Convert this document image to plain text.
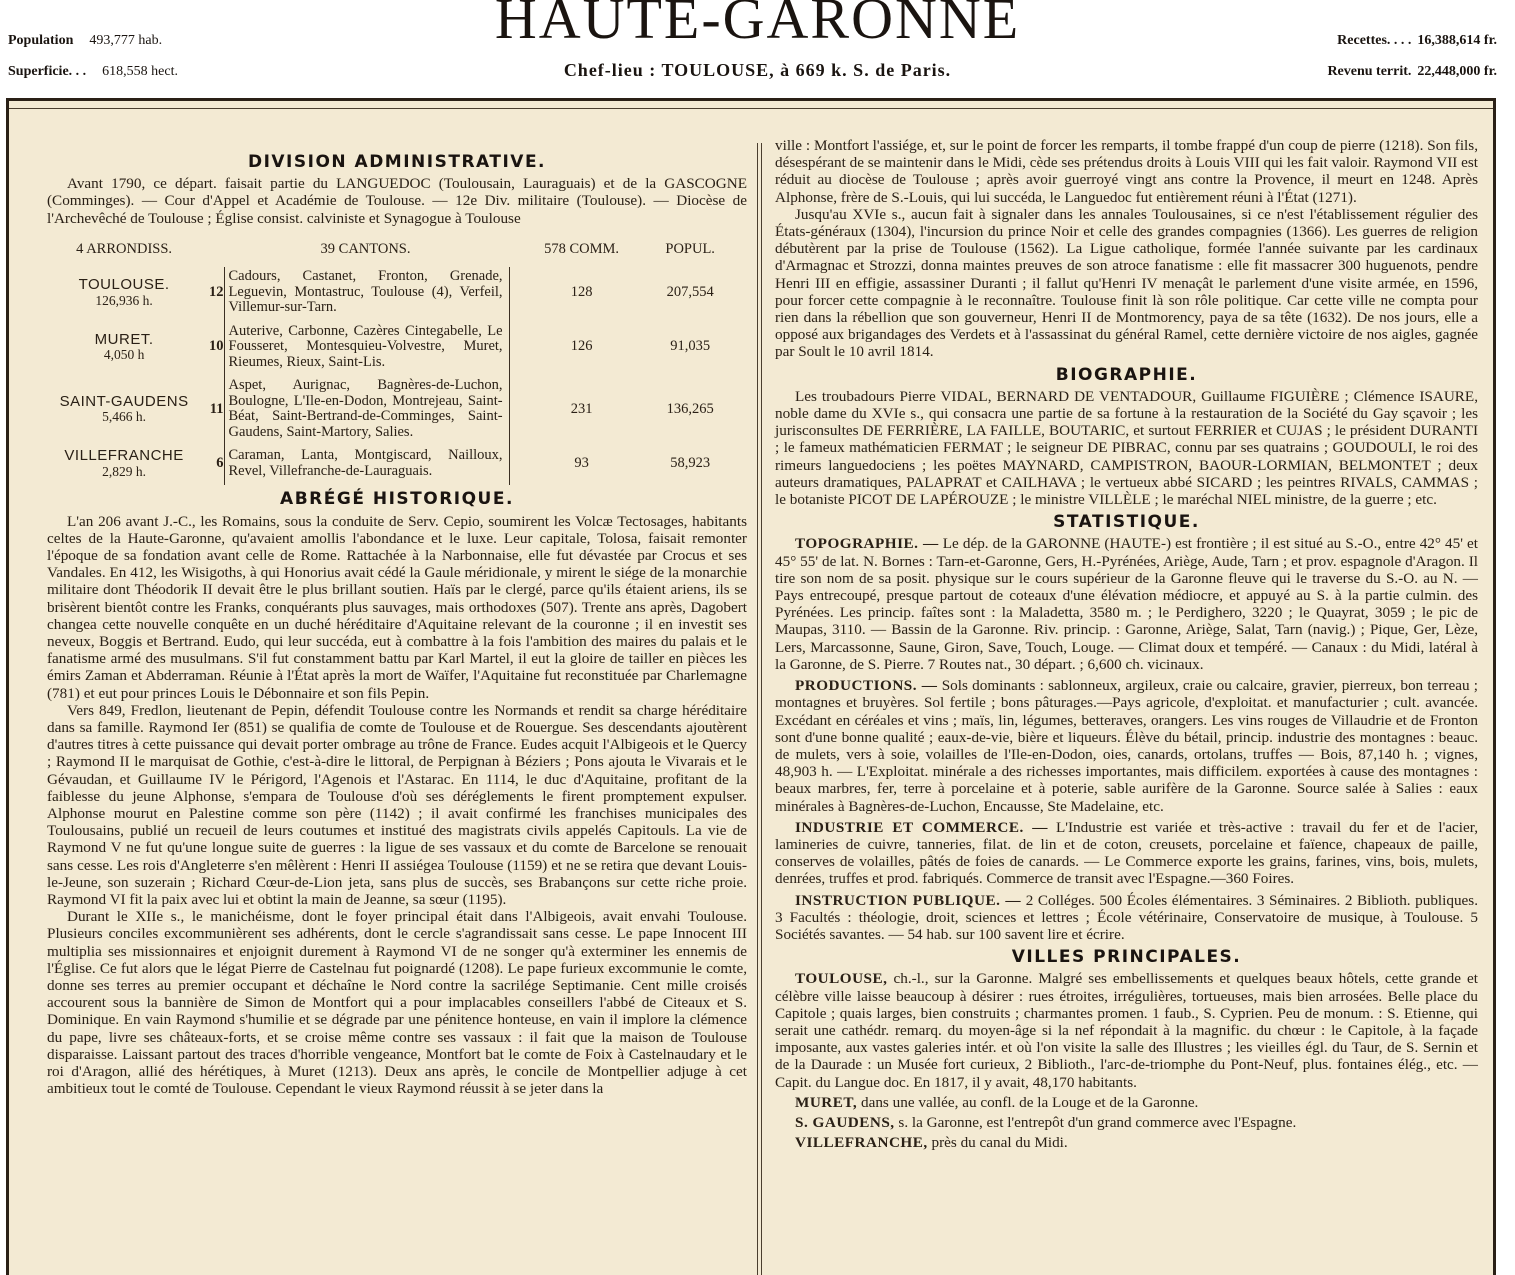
Population 493,777 hab.
Superficie. . . 618,558 hect.
HAUTE-GARONNE
Chef-lieu : TOULOUSE, à 669 k. S. de Paris.
Recettes. . . . 16,388,614 fr.
Revenu territ. 22,448,000 fr.
DIVISION ADMINISTRATIVE.

Avant 1790, ce départ. faisait partie du LANGUEDOC (Toulousain, Lauraguais) et de la GASCOGNE (Comminges). — Cour d'Appel et Académie de Toulouse. — 12e Div. militaire (Toulouse). — Diocèse de l'Archevêché de Toulouse ; Église consist. calviniste et Synagogue à Toulouse

4 ARRONDISS.	39 CANTONS.			578 COMM.	POPUL.

TOULOUSE.
126,936 h.	12	Cadours, Castanet, Fronton, Grenade, Leguevin, Montastruc, Toulouse (4), Verfeil, Villemur-sur-Tarn.		128	207,554

MURET.
4,050 h	10	Auterive, Carbonne, Cazères Cintegabelle, Le Fousseret, Montesquieu-Volvestre, Muret, Rieumes, Rieux, Saint-Lis.		126	91,035

SAINT-GAUDENS
5,466 h.	11	Aspet, Aurignac, Bagnères-de-Luchon, Boulogne, L'Ile-en-Dodon, Montrejeau, Saint-Béat, Saint-Bertrand-de-Comminges, Saint-Gaudens, Saint-Martory, Salies.		231	136,265

VILLEFRANCHE
2,829 h.	6	Caraman, Lanta, Montgiscard, Nailloux, Revel, Villefranche-de-Lauraguais.		93	58,923
ABRÉGÉ HISTORIQUE.

L'an 206 avant J.-C., les Romains, sous la conduite de Serv. Cepio, soumirent les Volcæ Tectosages, habitants celtes de la Haute-Garonne, qu'avaient amollis l'abondance et le luxe. Leur capitale, Tolosa, faisait remonter l'époque de sa fondation avant celle de Rome. Rattachée à la Narbonnaise, elle fut dévastée par Crocus et ses Vandales. En 412, les Wisigoths, à qui Honorius avait cédé la Gaule méridionale, y mirent le siége de la monarchie militaire dont Théodorik II devait être le plus brillant soutien. Haïs par le clergé, parce qu'ils étaient ariens, ils se brisèrent bientôt contre les Franks, conquérants plus sauvages, mais orthodoxes (507). Trente ans après, Dagobert changea cette nouvelle conquête en un duché héréditaire d'Aquitaine relevant de la couronne ; il en investit ses neveux, Boggis et Bertrand. Eudo, qui leur succéda, eut à combattre à la fois l'ambition des maires du palais et le fanatisme armé des musulmans. S'il fut constamment battu par Karl Martel, il eut la gloire de tailler en pièces les émirs Zaman et Abderraman. Réunie à l'État après la mort de Waïfer, l'Aquitaine fut reconstituée par Charlemagne (781) et eut pour princes Louis le Débonnaire et son fils Pepin.

Vers 849, Fredlon, lieutenant de Pepin, défendit Toulouse contre les Normands et rendit sa charge héréditaire dans sa famille. Raymond Ier (851) se qualifia de comte de Toulouse et de Rouergue. Ses descendants ajoutèrent d'autres titres à cette puissance qui devait porter ombrage au trône de France. Eudes acquit l'Albigeois et le Quercy ; Raymond II le marquisat de Gothie, c'est-à-dire le littoral, de Perpignan à Béziers ; Pons ajouta le Vivarais et le Gévaudan, et Guillaume IV le Périgord, l'Agenois et l'Astarac. En 1114, le duc d'Aquitaine, profitant de la faiblesse du jeune Alphonse, s'empara de Toulouse d'où ses déréglements le firent promptement expulser. Alphonse mourut en Palestine comme son père (1142) ; il avait confirmé les franchises municipales des Toulousains, publié un recueil de leurs coutumes et institué des magistrats civils appelés Capitouls. La vie de Raymond V ne fut qu'une longue suite de guerres : la ligue de ses vassaux et du comte de Barcelone se renouait sans cesse. Les rois d'Angleterre s'en mêlèrent : Henri II assiégea Toulouse (1159) et ne se retira que devant Louis-le-Jeune, son suzerain ; Richard Cœur-de-Lion jeta, sans plus de succès, ses Brabançons sur cette riche proie. Raymond VI fit la paix avec lui et obtint la main de Jeanne, sa sœur (1195).

Durant le XIIe s., le manichéisme, dont le foyer principal était dans l'Albigeois, avait envahi Toulouse. Plusieurs conciles excommunièrent ses adhérents, dont le cercle s'agrandissait sans cesse. Le pape Innocent III multiplia ses missionnaires et enjoignit durement à Raymond VI de ne songer qu'à exterminer les ennemis de l'Église. Ce fut alors que le légat Pierre de Castelnau fut poignardé (1208). Le pape furieux excommunie le comte, donne ses terres au premier occupant et déchaîne le Nord contre la sacrilége Septimanie. Cent mille croisés accourent sous la bannière de Simon de Montfort qui a pour implacables conseillers l'abbé de Citeaux et S. Dominique. En vain Raymond s'humilie et se dégrade par une pénitence honteuse, en vain il implore la clémence du pape, livre ses châteaux-forts, et se croise même contre ses vassaux : il fait que la maison de Toulouse disparaisse. Laissant partout des traces d'horrible vengeance, Montfort bat le comte de Foix à Castelnaudary et le roi d'Aragon, allié des hérétiques, à Muret (1213). Deux ans après, le concile de Montpellier adjuge à cet ambitieux tout le comté de Toulouse. Cependant le vieux Raymond réussit à se jeter dans la

ville : Montfort l'assiége, et, sur le point de forcer les remparts, il tombe frappé d'un coup de pierre (1218). Son fils, désespérant de se maintenir dans le Midi, cède ses prétendus droits à Louis VIII qui les fait valoir. Raymond VII est réduit au diocèse de Toulouse ; après avoir guerroyé vingt ans contre la Provence, il meurt en 1248. Après Alphonse, frère de S.-Louis, qui lui succéda, le Languedoc fut entièrement réuni à l'État (1271).

Jusqu'au XVIe s., aucun fait à signaler dans les annales Toulousaines, si ce n'est l'établissement régulier des États-généraux (1304), l'incursion du prince Noir et celle des grandes compagnies (1366). Les guerres de religion débutèrent par la prise de Toulouse (1562). La Ligue catholique, formée l'année suivante par les cardinaux d'Armagnac et Strozzi, donna maintes preuves de son atroce fanatisme : elle fit massacrer 300 huguenots, pendre Henri III en effigie, assassiner Duranti ; il fallut qu'Henri IV menaçât le parlement d'une visite armée, en 1596, pour forcer cette compagnie à le reconnaître. Toulouse finit là son rôle politique. Car cette ville ne compta pour rien dans la rébellion que son gouverneur, Henri II de Montmorency, paya de sa tête (1632). De nos jours, elle a opposé aux brigandages des Verdets et à l'assassinat du général Ramel, cette dernière victoire de nos aigles, gagnée par Soult le 10 avril 1814.

BIOGRAPHIE.

Les troubadours Pierre VIDAL, BERNARD DE VENTADOUR, Guillaume FIGUIÈRE ; Clémence ISAURE, noble dame du XVIe s., qui consacra une partie de sa fortune à la restauration de la Société du Gay sçavoir ; les jurisconsultes DE FERRIÈRE, LA FAILLE, BOUTARIC, et surtout FERRIER et CUJAS ; le président DURANTI ; le fameux mathématicien FERMAT ; le seigneur DE PIBRAC, connu par ses quatrains ; GOUDOULI, le roi des rimeurs languedociens ; les poëtes MAYNARD, CAMPISTRON, BAOUR-LORMIAN, BELMONTET ; deux auteurs dramatiques, PALAPRAT et CAILHAVA ; le vertueux abbé SICARD ; les peintres RIVALS, CAMMAS ; le botaniste PICOT DE LAPÉROUZE ; le ministre VILLÈLE ; le maréchal NIEL ministre, de la guerre ; etc.

STATISTIQUE.

TOPOGRAPHIE. — Le dép. de la GARONNE (HAUTE-) est frontière ; il est situé au S.-O., entre 42° 45' et 45° 55' de lat. N. Bornes : Tarn-et-Garonne, Gers, H.-Pyrénées, Ariège, Aude, Tarn ; et prov. espagnole d'Aragon. Il tire son nom de sa posit. physique sur le cours supérieur de la Garonne fleuve qui le traverse du S.-O. au N. — Pays entrecoupé, presque partout de coteaux d'une élévation médiocre, et appuyé au S. à la partie culmin. des Pyrénées. Les princip. faîtes sont : la Maladetta, 3580 m. ; le Perdighero, 3220 ; le Quayrat, 3059 ; le pic de Maupas, 3110. — Bassin de la Garonne. Riv. princip. : Garonne, Ariège, Salat, Tarn (navig.) ; Pique, Ger, Lèze, Lers, Marcassonne, Saune, Giron, Save, Touch, Louge. — Climat doux et tempéré. — Canaux : du Midi, latéral à la Garonne, de S. Pierre. 7 Routes nat., 30 départ. ; 6,600 ch. vicinaux.

PRODUCTIONS. — Sols dominants : sablonneux, argileux, craie ou calcaire, gravier, pierreux, bon terreau ; montagnes et bruyères. Sol fertile ; bons pâturages.—Pays agricole, d'exploitat. et manufacturier ; cult. avancée. Excédant en céréales et vins ; maïs, lin, légumes, betteraves, orangers. Les vins rouges de Villaudrie et de Fronton sont d'une bonne qualité ; eaux-de-vie, bière et liqueurs. Élève du bétail, princip. industrie des montagnes : beauc. de mulets, vers à soie, volailles de l'Ile-en-Dodon, oies, canards, ortolans, truffes — Bois, 87,140 h. ; vignes, 48,903 h. — L'Exploitat. minérale a des richesses importantes, mais difficilem. exportées à cause des montagnes : beaux marbres, fer, terre à porcelaine et à poterie, sable aurifère de la Garonne. Source salée à Salies : eaux minérales à Bagnères-de-Luchon, Encausse, Ste Madelaine, etc.

INDUSTRIE ET COMMERCE. — L'Industrie est variée et très-active : travail du fer et de l'acier, lamineries de cuivre, tanneries, filat. de lin et de coton, creusets, porcelaine et faïence, chapeaux de paille, conserves de volailles, pâtés de foies de canards. — Le Commerce exporte les grains, farines, vins, bois, mulets, denrées, truffes et prod. fabriqués. Commerce de transit avec l'Espagne.—360 Foires.

INSTRUCTION PUBLIQUE. — 2 Colléges. 500 Écoles élémentaires. 3 Séminaires. 2 Biblioth. publiques. 3 Facultés : théologie, droit, sciences et lettres ; École vétérinaire, Conservatoire de musique, à Toulouse. 5 Sociétés savantes. — 54 hab. sur 100 savent lire et écrire.

VILLES PRINCIPALES.

TOULOUSE, ch.-l., sur la Garonne. Malgré ses embellissements et quelques beaux hôtels, cette grande et célèbre ville laisse beaucoup à désirer : rues étroites, irrégulières, tortueuses, mais bien arrosées. Belle place du Capitole ; quais larges, bien construits ; charmantes promen. 1 faub., S. Cyprien. Peu de monum. : S. Etienne, qui serait une cathédr. remarq. du moyen-âge si la nef répondait à la magnific. du chœur : le Capitole, à la façade imposante, aux vastes galeries intér. et où l'on visite la salle des Illustres ; les vieilles égl. du Taur, de S. Sernin et de la Daurade : un Musée fort curieux, 2 Biblioth., l'arc-de-triomphe du Pont-Neuf, plus. fontaines élég., etc. — Capit. du Langue doc. En 1817, il y avait, 48,170 habitants.

MURET, dans une vallée, au confl. de la Louge et de la Garonne.

S. GAUDENS, s. la Garonne, est l'entrepôt d'un grand commerce avec l'Espagne.

VILLEFRANCHE, près du canal du Midi.
